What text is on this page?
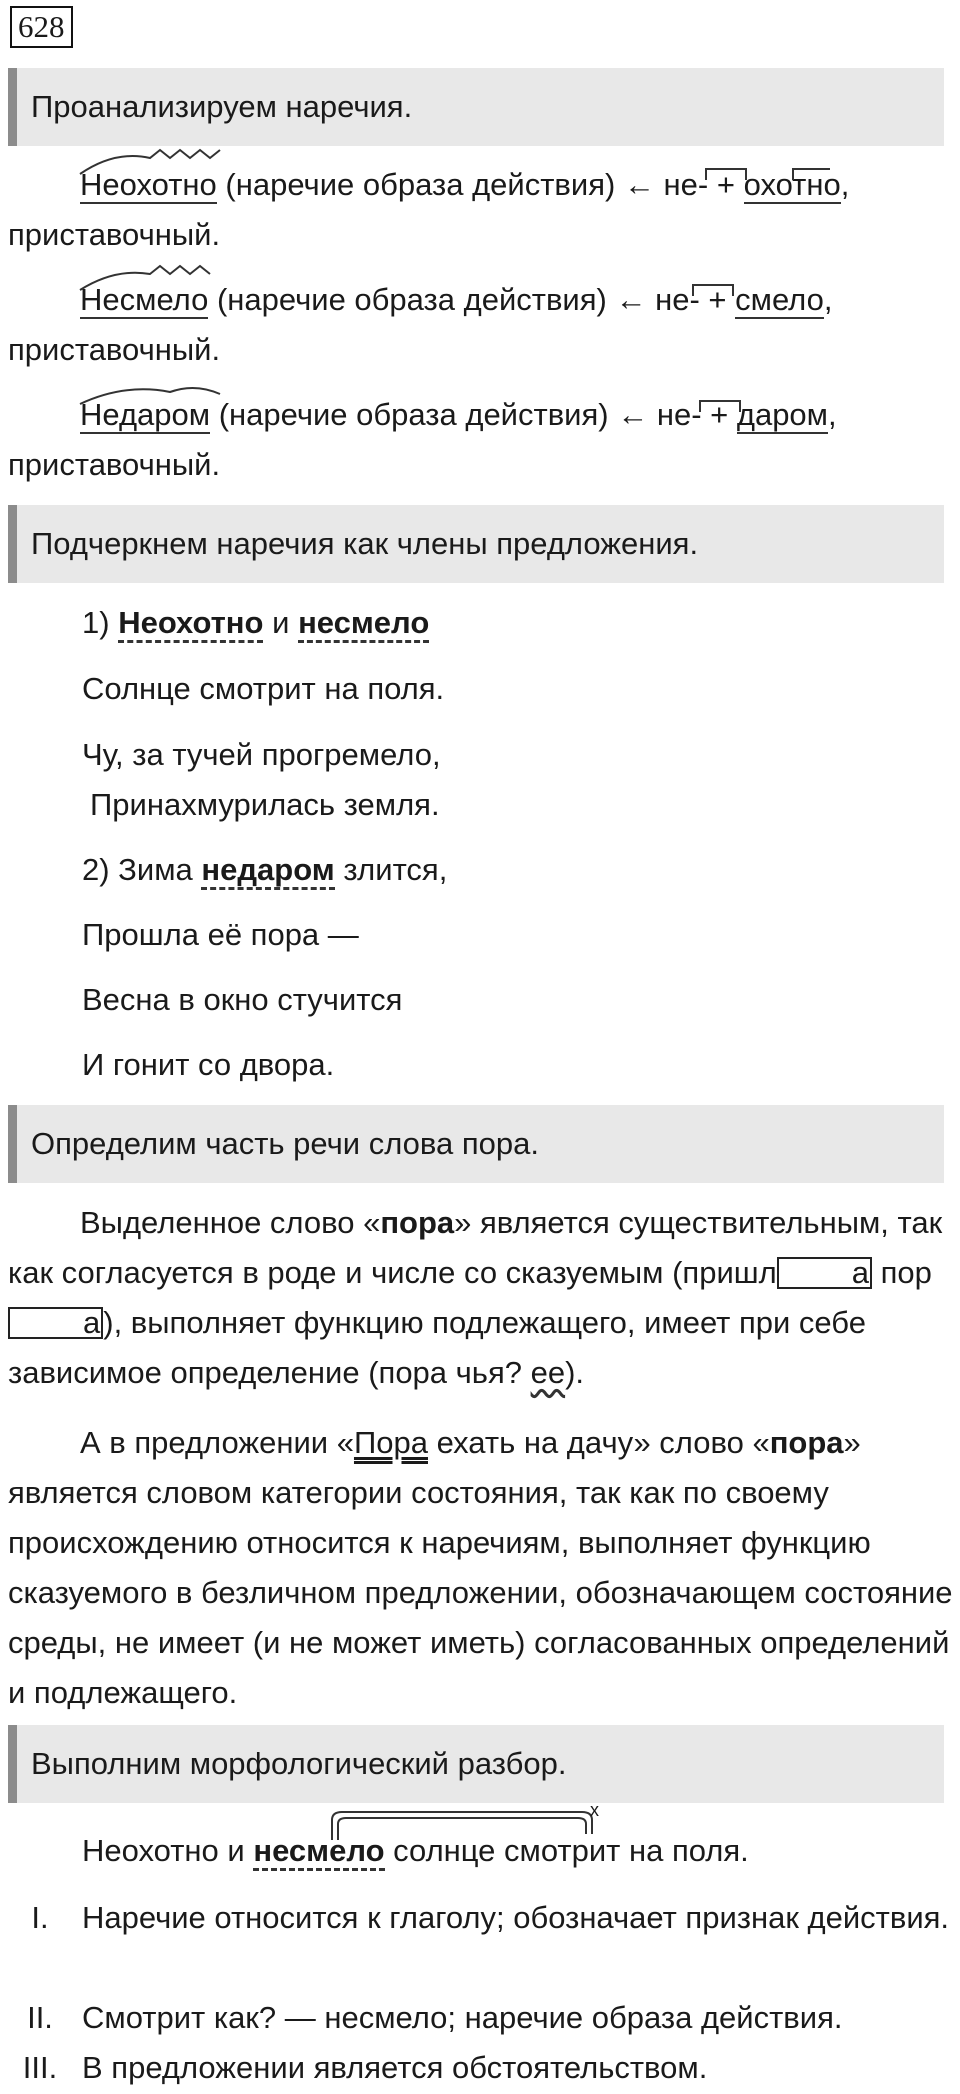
628
Проанализируем наречия.
Неохотно (наречие образа действия) ← не- + охотно, приставочный.
Несмело (наречие образа действия) ← не- + смело, приставочный.
Недаром (наречие образа действия) ← не- + даром, приставочный.
Подчеркнем наречия как члены предложения.
1) Неохотно и несмело
Солнце смотрит на поля.
Чу, за тучей прогремело,
Принахмурилась земля.
2) Зима недаром злится,
Прошла её пора —
Весна в окно стучится
И гонит со двора.
Определим часть речи слова пора.
Выделенное слово «пора» является существительным, так как согласуется в роде и числе со сказуемым (пришл а пора), выполняет функцию подлежащего, имеет при себе зависимое определение (пора чья? ее).
А в предложении «Пора ехать на дачу» слово «пора» является словом категории состояния, так как по своему происхождению относится к наречиям, выполняет функцию сказуемого в безличном предложении, обозначающем состояние среды, не имеет (и не может иметь) согласованных определений и подлежащего.
Выполним морфологический разбор.
x
Неохотно и несмело солнце смотрит на поля.
I.	Наречие относится к глаголу; обозначает признак действия.
II. Смотрит как? — несмело; наречие образа действия.
III. В предложении является обстоятельством.
